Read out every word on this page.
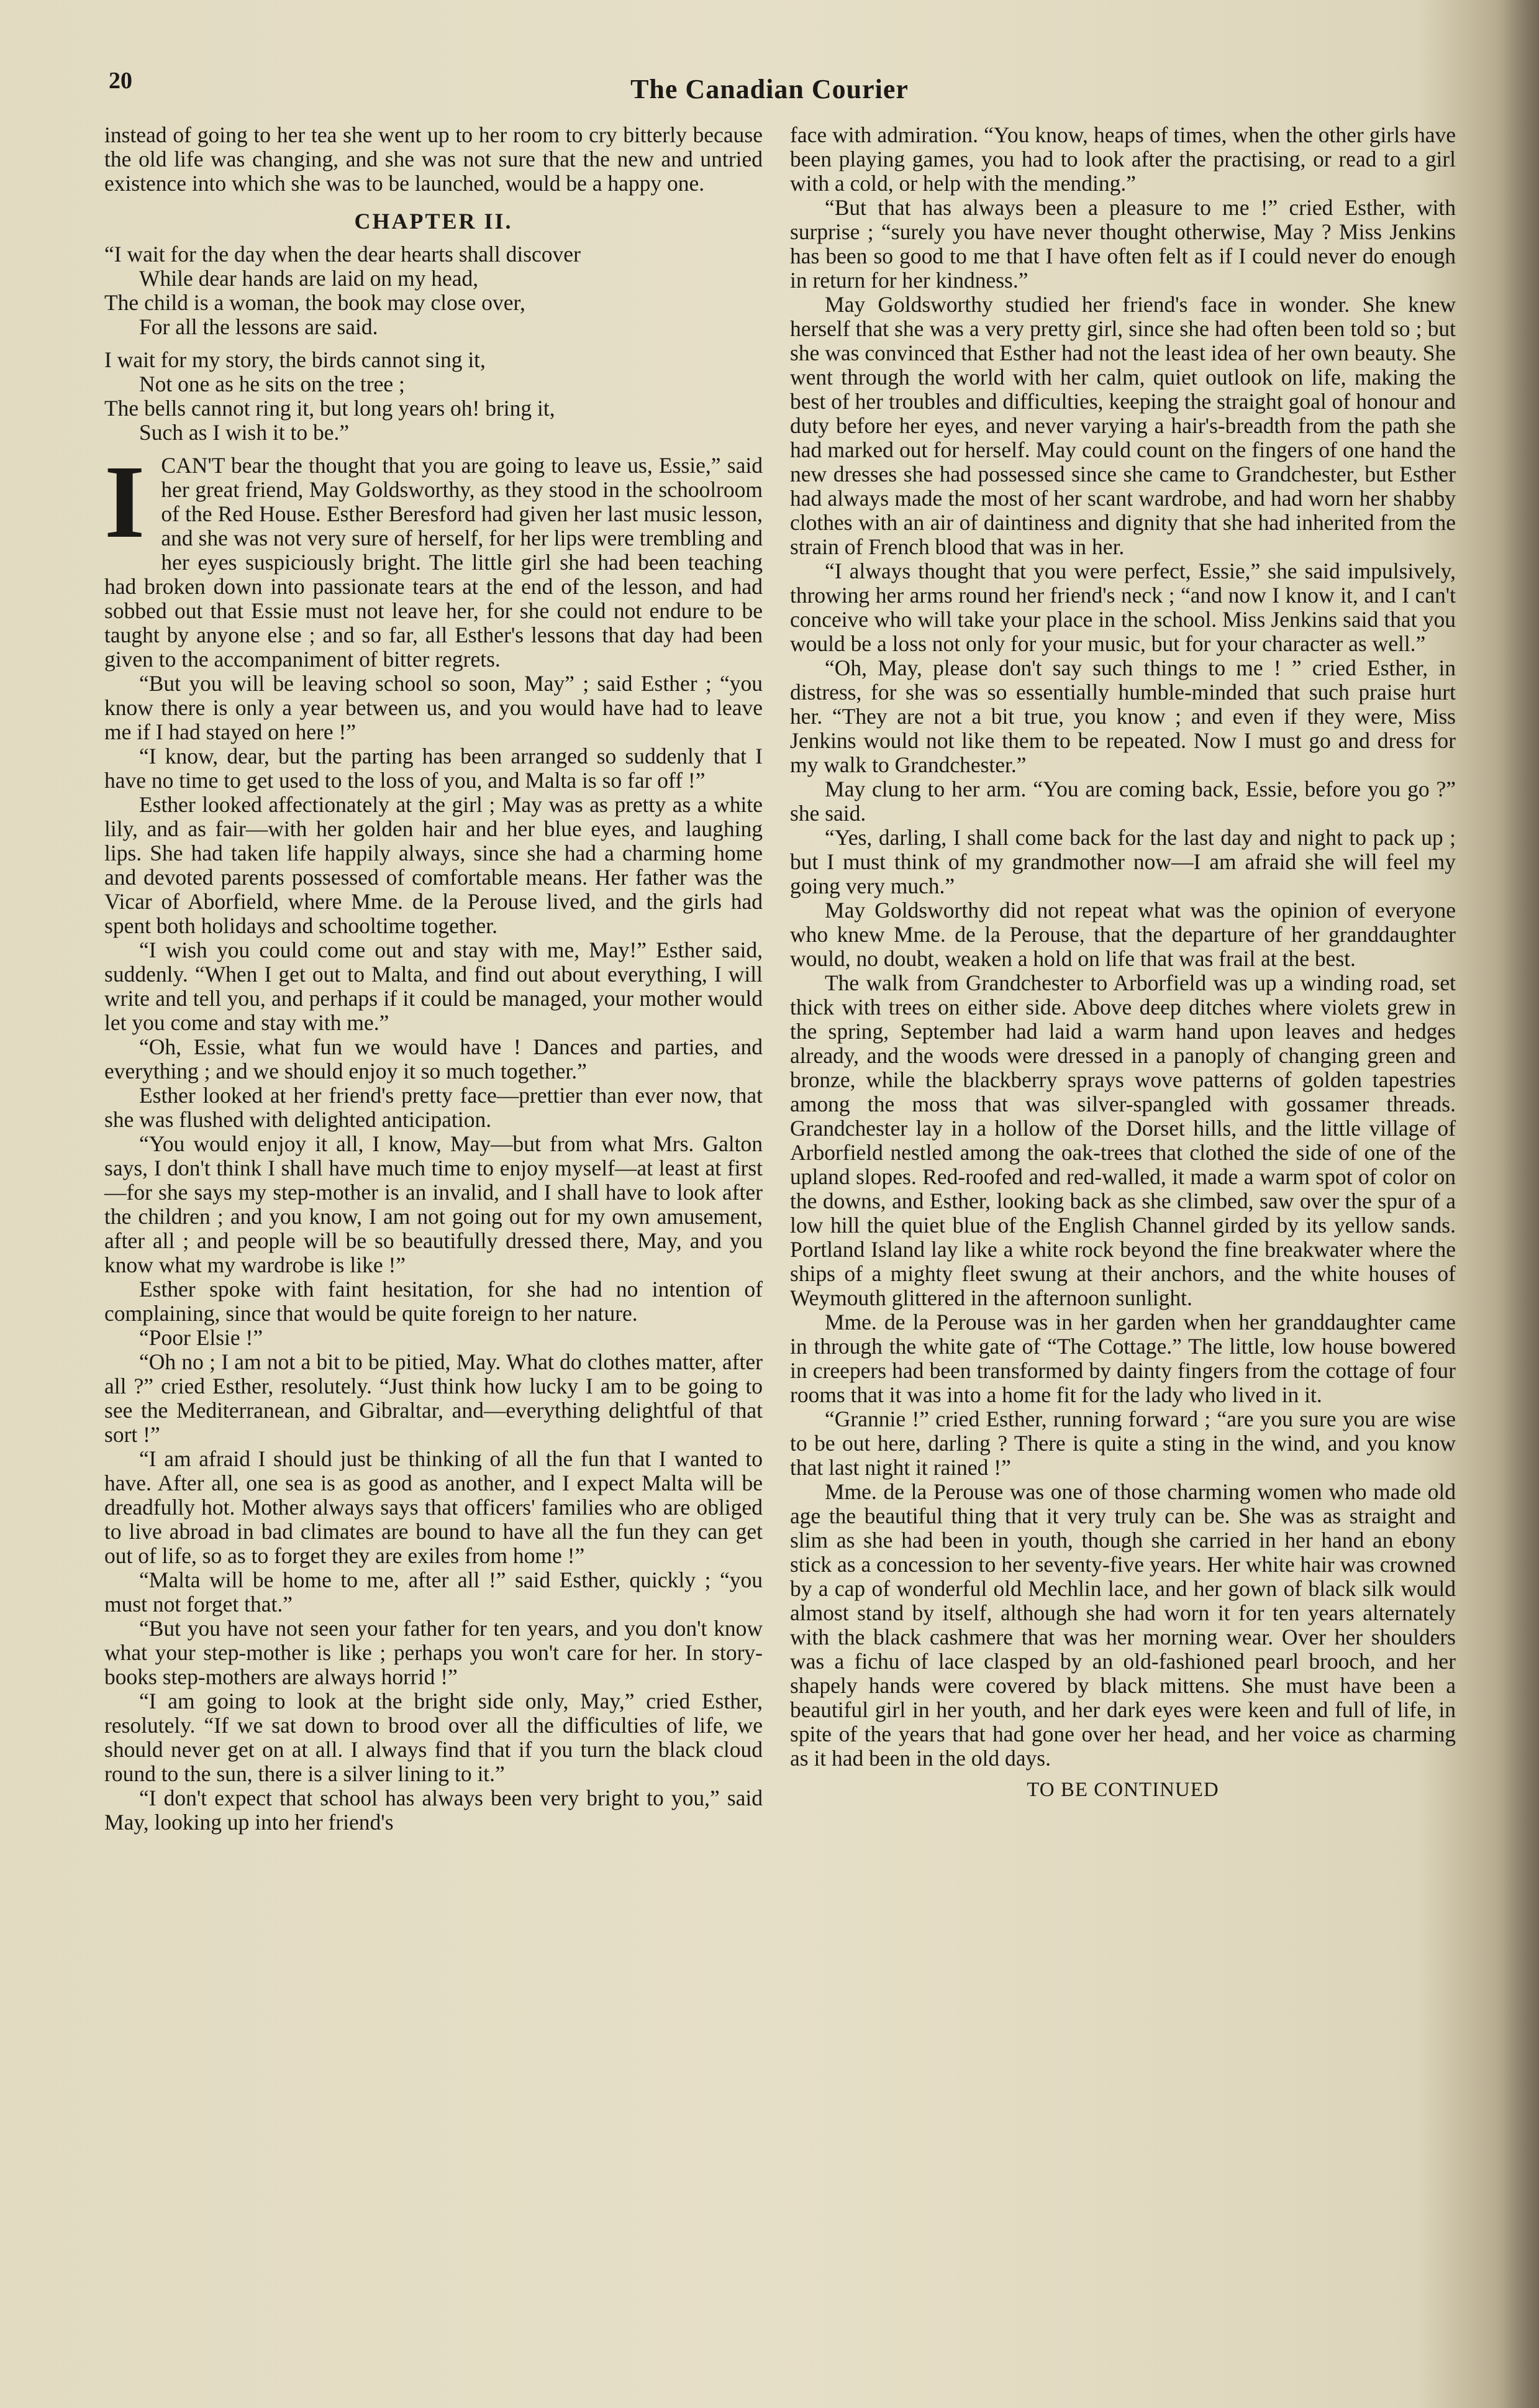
20	The Canadian Courier

instead of going to her tea she went up to her room to cry bitterly because the old life was changing, and she was not sure that the new and untried existence into which she was to be launched, would be a happy one.

CHAPTER II.
“I wait for the day when the dear hearts shall discover
While dear hands are laid on my head,
The child is a woman, the book may close over,
For all the lessons are said.
I wait for my story, the birds cannot sing it,
Not one as he sits on the tree ;
The bells cannot ring it, but long years oh! bring it,
Such as I wish it to be.”

I CAN'T bear the thought that you are going to leave us, Essie,” said her great friend, May Goldsworthy, as they stood in the schoolroom of the Red House. Esther Beresford had given her last music lesson, and she was not very sure of herself, for her lips were trembling and her eyes suspiciously bright. The little girl she had been teaching had broken down into passionate tears at the end of the lesson, and had sobbed out that Essie must not leave her, for she could not endure to be taught by anyone else ; and so far, all Esther's lessons that day had been given to the accompaniment of bitter regrets.

“But you will be leaving school so soon, May” ; said Esther ; “you know there is only a year between us, and you would have had to leave me if I had stayed on here !”

“I know, dear, but the parting has been arranged so suddenly that I have no time to get used to the loss of you, and Malta is so far off !”

Esther looked affectionately at the girl ; May was as pretty as a white lily, and as fair—with her golden hair and her blue eyes, and laughing lips. She had taken life happily always, since she had a charming home and devoted parents possessed of comfortable means. Her father was the Vicar of Aborfield, where Mme. de la Perouse lived, and the girls had spent both holidays and schooltime together.

“I wish you could come out and stay with me, May!” Esther said, suddenly. “When I get out to Malta, and find out about everything, I will write and tell you, and perhaps if it could be managed, your mother would let you come and stay with me.”

“Oh, Essie, what fun we would have ! Dances and parties, and everything ; and we should enjoy it so much together.”

Esther looked at her friend's pretty face—prettier than ever now, that she was flushed with delighted anticipation.

“You would enjoy it all, I know, May—but from what Mrs. Galton says, I don't think I shall have much time to enjoy myself—at least at first—for she says my step-mother is an invalid, and I shall have to look after the children ; and you know, I am not going out for my own amusement, after all ; and people will be so beautifully dressed there, May, and you know what my wardrobe is like !”

Esther spoke with faint hesitation, for she had no intention of complaining, since that would be quite foreign to her nature.

“Poor Elsie !”

“Oh no ; I am not a bit to be pitied, May. What do clothes matter, after all ?” cried Esther, resolutely. “Just think how lucky I am to be going to see the Mediterranean, and Gibraltar, and—everything delightful of that sort !”

“I am afraid I should just be thinking of all the fun that I wanted to have. After all, one sea is as good as another, and I expect Malta will be dreadfully hot. Mother always says that officers' families who are obliged to live abroad in bad climates are bound to have all the fun they can get out of life, so as to forget they are exiles from home !”

“Malta will be home to me, after all !” said Esther, quickly ; “you must not forget that.”

“But you have not seen your father for ten years, and you don't know what your step-mother is like ; perhaps you won't care for her. In story-books step-mothers are always horrid !”

“I am going to look at the bright side only, May,” cried Esther, resolutely. “If we sat down to brood over all the difficulties of life, we should never get on at all. I always find that if you turn the black cloud round to the sun, there is a silver lining to it.”

“I don't expect that school has always been very bright to you,” said May, looking up into her friend's

face with admiration. “You know, heaps of times, when the other girls have been playing games, you had to look after the practising, or read to a girl with a cold, or help with the mending.”

“But that has always been a pleasure to me !” cried Esther, with surprise ; “surely you have never thought otherwise, May ? Miss Jenkins has been so good to me that I have often felt as if I could never do enough in return for her kindness.”

May Goldsworthy studied her friend's face in wonder. She knew herself that she was a very pretty girl, since she had often been told so ; but she was convinced that Esther had not the least idea of her own beauty. She went through the world with her calm, quiet outlook on life, making the best of her troubles and difficulties, keeping the straight goal of honour and duty before her eyes, and never varying a hair's-breadth from the path she had marked out for herself. May could count on the fingers of one hand the new dresses she had possessed since she came to Grandchester, but Esther had always made the most of her scant wardrobe, and had worn her shabby clothes with an air of daintiness and dignity that she had inherited from the strain of French blood that was in her.

“I always thought that you were perfect, Essie,” she said impulsively, throwing her arms round her friend's neck ; “and now I know it, and I can't conceive who will take your place in the school. Miss Jenkins said that you would be a loss not only for your music, but for your character as well.”

“Oh, May, please don't say such things to me ! ” cried Esther, in distress, for she was so essentially humble-minded that such praise hurt her. “They are not a bit true, you know ; and even if they were, Miss Jenkins would not like them to be repeated. Now I must go and dress for my walk to Grandchester.”

May clung to her arm. “You are coming back, Essie, before you go ?” she said.

“Yes, darling, I shall come back for the last day and night to pack up ; but I must think of my grandmother now—I am afraid she will feel my going very much.”

May Goldsworthy did not repeat what was the opinion of everyone who knew Mme. de la Perouse, that the departure of her granddaughter would, no doubt, weaken a hold on life that was frail at the best.

The walk from Grandchester to Arborfield was up a winding road, set thick with trees on either side. Above deep ditches where violets grew in the spring, September had laid a warm hand upon leaves and hedges already, and the woods were dressed in a panoply of changing green and bronze, while the blackberry sprays wove patterns of golden tapestries among the moss that was silver-spangled with gossamer threads. Grandchester lay in a hollow of the Dorset hills, and the little village of Arborfield nestled among the oak-trees that clothed the side of one of the upland slopes. Red-roofed and red-walled, it made a warm spot of color on the downs, and Esther, looking back as she climbed, saw over the spur of a low hill the quiet blue of the English Channel girded by its yellow sands. Portland Island lay like a white rock beyond the fine breakwater where the ships of a mighty fleet swung at their anchors, and the white houses of Weymouth glittered in the afternoon sunlight.

Mme. de la Perouse was in her garden when her granddaughter came in through the white gate of “The Cottage.” The little, low house bowered in creepers had been transformed by dainty fingers from the cottage of four rooms that it was into a home fit for the lady who lived in it.

“Grannie !” cried Esther, running forward ; “are you sure you are wise to be out here, darling ? There is quite a sting in the wind, and you know that last night it rained !”

Mme. de la Perouse was one of those charming women who made old age the beautiful thing that it very truly can be. She was as straight and slim as she had been in youth, though she carried in her hand an ebony stick as a concession to her seventy-five years. Her white hair was crowned by a cap of wonderful old Mechlin lace, and her gown of black silk would almost stand by itself, although she had worn it for ten years alternately with the black cashmere that was her morning wear. Over her shoulders was a fichu of lace clasped by an old-fashioned pearl brooch, and her shapely hands were covered by black mittens. She must have been a beautiful girl in her youth, and her dark eyes were keen and full of life, in spite of the years that had gone over her head, and her voice as charming as it had been in the old days.

TO BE CONTINUED
